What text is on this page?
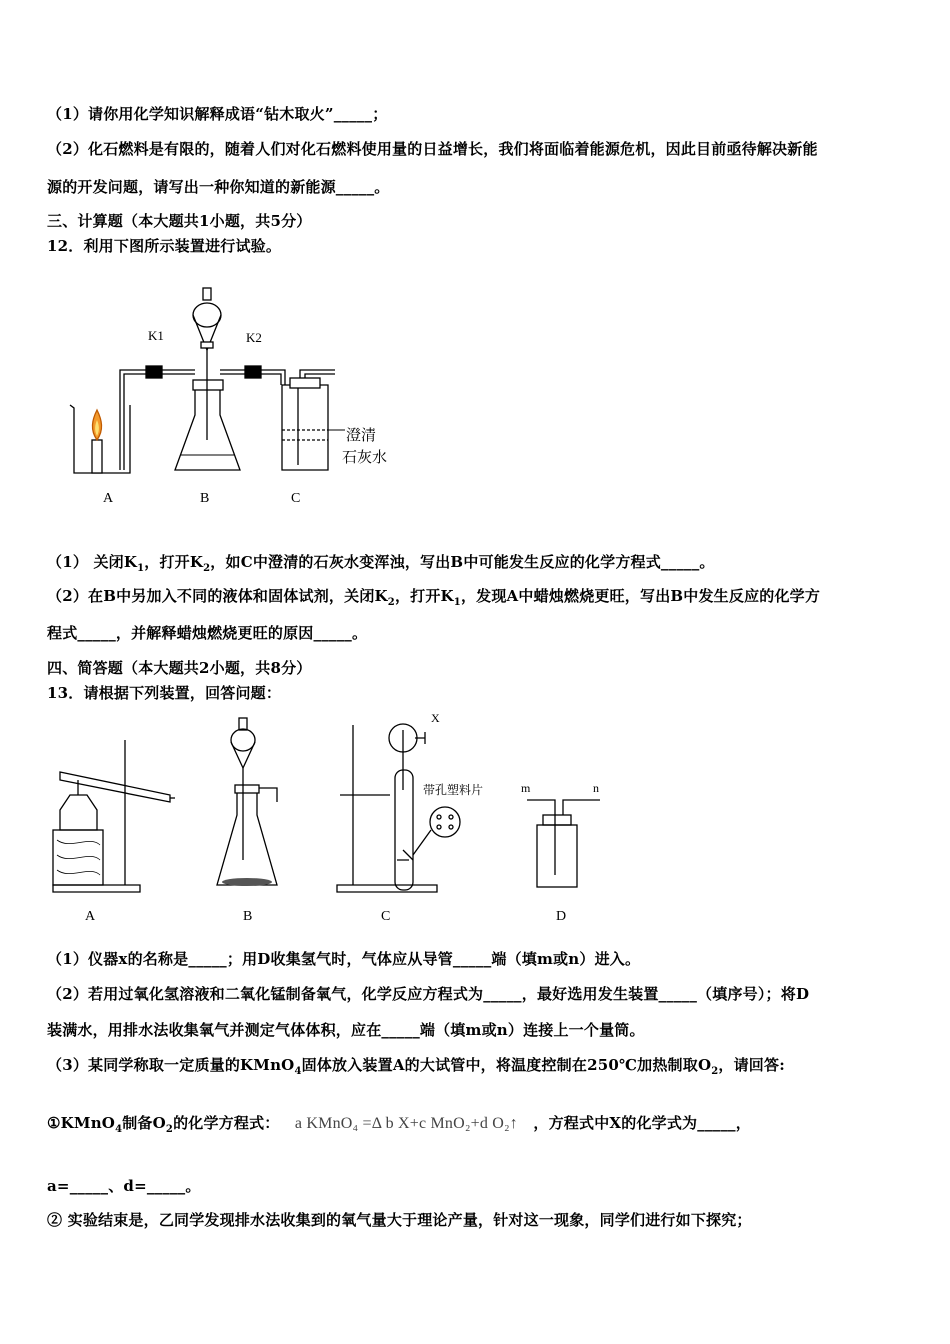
（1）请你用化学知识解释成语“钻木取火”_____；
（2）化石燃料是有限的，随着人们对化石燃料使用量的日益增长，我们将面临着能源危机，因此目前亟待解决新能
源的开发问题，请写出一种你知道的新能源_____。
三、计算题（本大题共1小题，共5分）
12．利用下图所示装置进行试验。
K1	K2
A	B	C
澄清
石灰水
（1） 关闭$K_1$，打开$K_2$，如C中澄清的石灰水变浑浊，写出B中可能发生反应的化学方程式_____。
（2）在B中另加入不同的液体和固体试剂，关闭$K_2$，打开$K_1$，发现A中蜡烛燃烧更旺，写出B中发生反应的化学方
程式_____，并解释蜡烛燃烧更旺的原因_____。
四、简答题（本大题共2小题，共8分）
13．请根据下列装置，回答问题：
A	B	C	D
X
带孔塑料片	m	n
（1）仪器x的名称是_____；用D收集氢气时，气体应从导管_____端（填m或n）进入。
（2）若用过氧化氢溶液和二氧化锰制备氧气，化学反应方程式为_____，最好选用发生装置_____（填序号）；将D
装满水，用排水法收集氧气并测定气体体积，应在_____端（填m或n）连接上一个量筒。
（3）某同学称取一定质量的KMnO$_4$固体放入装置A的大试管中，将温度控制在250℃加热制取$O_2$，请回答:
①KMnO$_4$制备$O_2$的化学方程式： a KMnO₄ =Δ b X+c MnO₂+d O₂↑ ，方程式中X的化学式为_____，
a=_____、d=_____。
② 实验结束是，乙同学发现排水法收集到的氧气量大于理论产量，针对这一现象，同学们进行如下探究；
